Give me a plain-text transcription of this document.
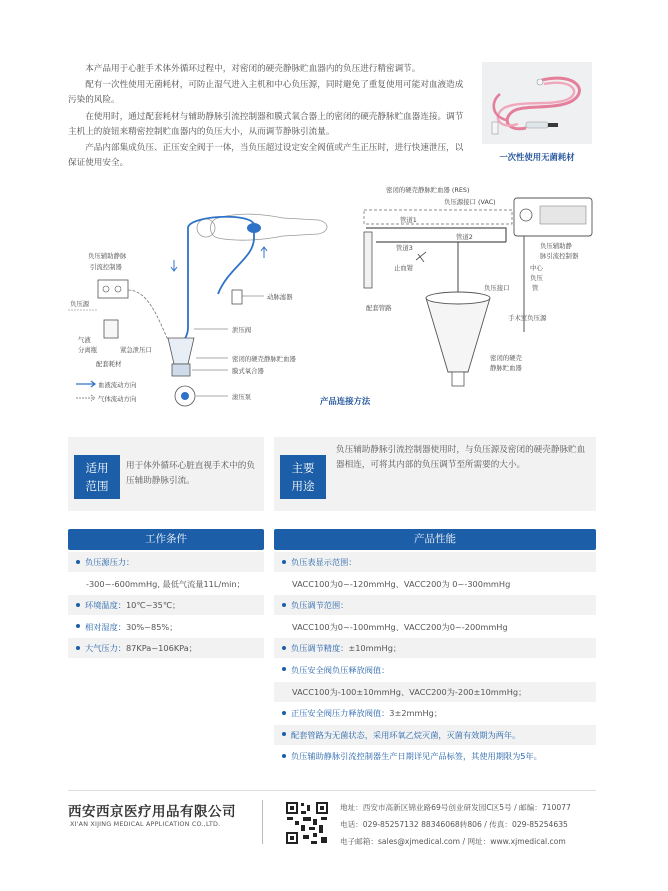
本产品用于心脏手术体外循环过程中，对密闭的硬壳静脉贮血器内的负压进行精密调节。

配有一次性使用无菌耗材，可防止湿气进入主机和中心负压源，同时避免了重复使用可能对血液造成污染的风险。

在使用时，通过配套耗材与辅助静脉引流控制器和膜式氧合器上的密闭的硬壳静脉贮血器连接。调节主机上的旋钮来精密控制贮血器内的负压大小，从而调节静脉引流量。

产品内部集成负压、正压安全阀于一体，当负压超过设定安全阀值或产生正压时，进行快速泄压，以保证使用安全。

一次性使用无菌耗材
动脉滤器
泄压阀
密闭的硬壳静脉贮血器
膜式氧合器
滚压泵
负压辅助静脉
引流控制器
负压源
气液
分离瓶
配套耗材
紧急泄压口
血液流动方向
气体流动方向
密闭的硬壳静脉贮血器 (RES)
负压源接口 (VAC)
负压辅助静
脉引流控制器
管道1
管道2
管道3
止血钳
配套管路
中心
负压
管
手术室负压源
负压接口
密闭的硬壳
静脉贮血器
产品连接方法
适用
范围
用于体外循环心脏直视手术中的负压辅助静脉引流。
主要
用途
负压辅助静脉引流控制器使用时，与负压源及密闭的硬壳静脉贮血器相连，可将其内部的负压调节至所需要的大小。
工作条件
负压源压力：
-300~-600mmHg, 最低气流量11L/min；
环境温度：10℃~35℃；
相对湿度：30%~85%；
大气压力：87KPa~106KPa；
产品性能
负压表显示范围：
VACC100为0~-120mmHg、VACC200为 0~-300mmHg
负压调节范围：
VACC100为0~-100mmHg、VACC200为0~-200mmHg
负压调节精度：±10mmHg；
负压安全阀负压释放阀值：
VACC100为-100±10mmHg、VACC200为-200±10mmHg；
正压安全阀压力释放阀值：3±2mmHg；
配套管路为无菌状态，采用环氧乙烷灭菌，灭菌有效期为两年。
负压辅助静脉引流控制器生产日期详见产品标签，其使用期限为5年。
西安西京医疗用品有限公司
XI'AN XIJING MEDICAL APPLICATION CO.,LTD.
地址：西安市高新区锦业路69号创业研发园C区5号 / 邮编：710077
电话：029-85257132 88346068转806 / 传真：029-85254635
电子邮箱：sales@xjmedical.com / 网址：www.xjmedical.com
